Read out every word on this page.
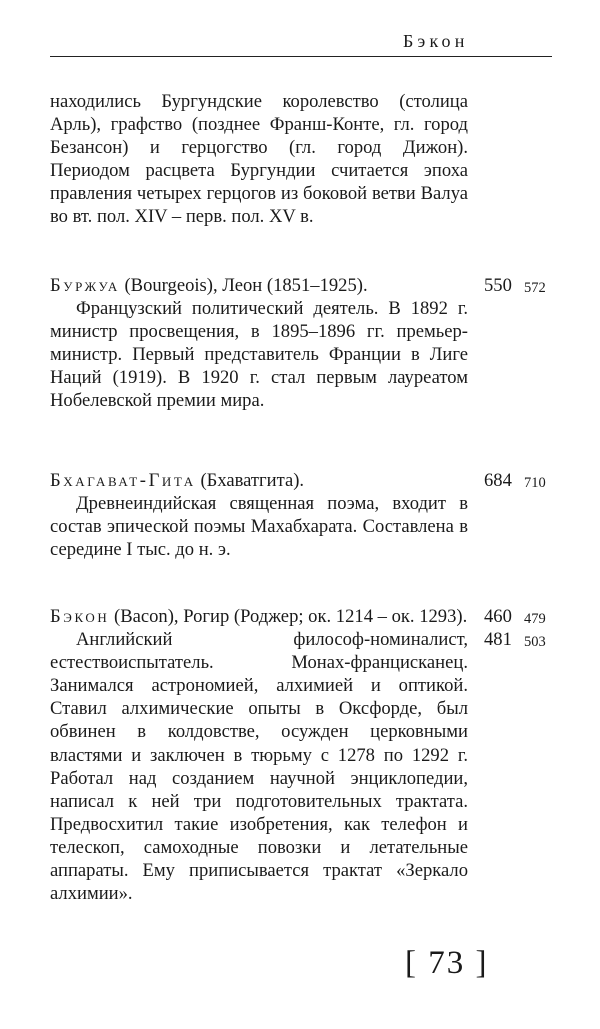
Бэкон

находились Бургундские королевство (столица Арль), графство (позднее Франш-Конте, гл. город Безансон) и герцогство (гл. город Дижон). Периодом расцвета Бургундии считается эпоха правления четырех герцогов из боковой ветви Валуа во вт. пол. XIV – перв. пол. XV в.

Буржуа (Bourgeois), Леон (1851–1925).

Французский политический деятель. В 1892 г. министр просвещения, в 1895–1896 гг. премьер-министр. Первый представитель Франции в Лиге Наций (1919). В 1920 г. стал первым лауреатом Нобелевской премии мира.

550 572

Бхагават-Гита (Бхаватгита).

Древнеиндийская священная поэма, входит в состав эпической поэмы Махабхарата. Составлена в середине I тыс. до н. э.

684 710

Бэкон (Bacon), Рогир (Роджер; ок. 1214 – ок. 1293).

Английский философ-номиналист, естествоиспытатель. Монах-францисканец. Занимался астрономией, алхимией и оптикой. Ставил алхимические опыты в Оксфорде, был обвинен в колдовстве, осужден церковными властями и заключен в тюрьму с 1278 по 1292 г. Работал над созданием научной энциклопедии, написал к ней три подготовительных трактата. Предвосхитил такие изобретения, как телефон и телескоп, самоходные повозки и летательные аппараты. Ему приписывается трактат «Зеркало алхимии».

460 479
481 503
[ 73 ]
